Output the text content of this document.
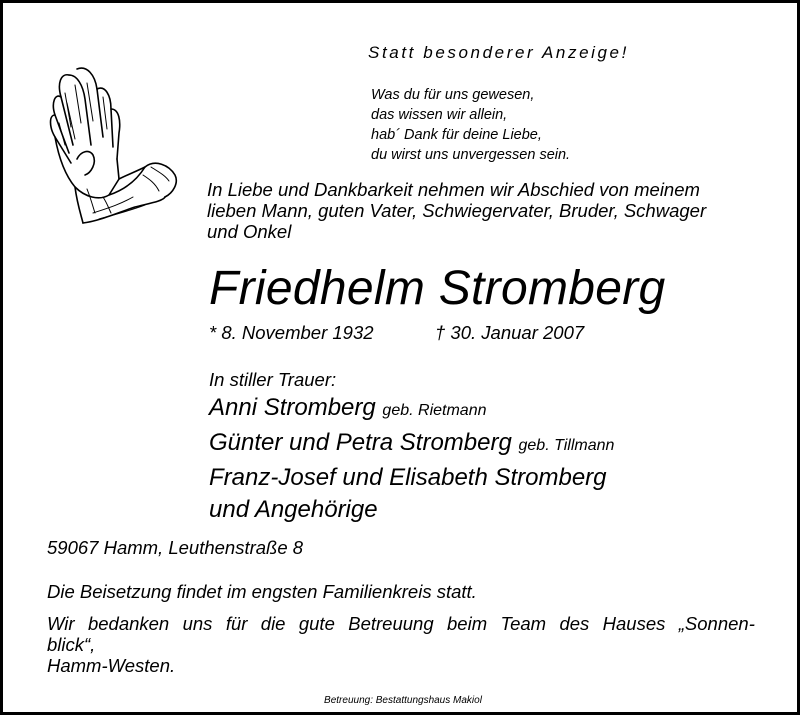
Statt besonderer Anzeige!
Was du für uns gewesen,
das wissen wir allein,
hab´ Dank für deine Liebe,
du wirst uns unvergessen sein.
In Liebe und Dankbarkeit nehmen wir Abschied von meinem
lieben Mann, guten Vater, Schwiegervater, Bruder, Schwager
und Onkel
Friedhelm Stromberg
* 8. November 1932	† 30. Januar 2007
In stiller Trauer:
Anni Stromberg geb. Rietmann
Günter und Petra Stromberg geb. Tillmann
Franz-Josef und Elisabeth Stromberg
und Angehörige
59067 Hamm, Leuthenstraße 8
Die Beisetzung findet im engsten Familienkreis statt.
Wir bedanken uns für die gute Betreuung beim Team des Hauses „Sonnen-
blick“,
Hamm-Westen.
Betreuung: Bestattungshaus Makiol
